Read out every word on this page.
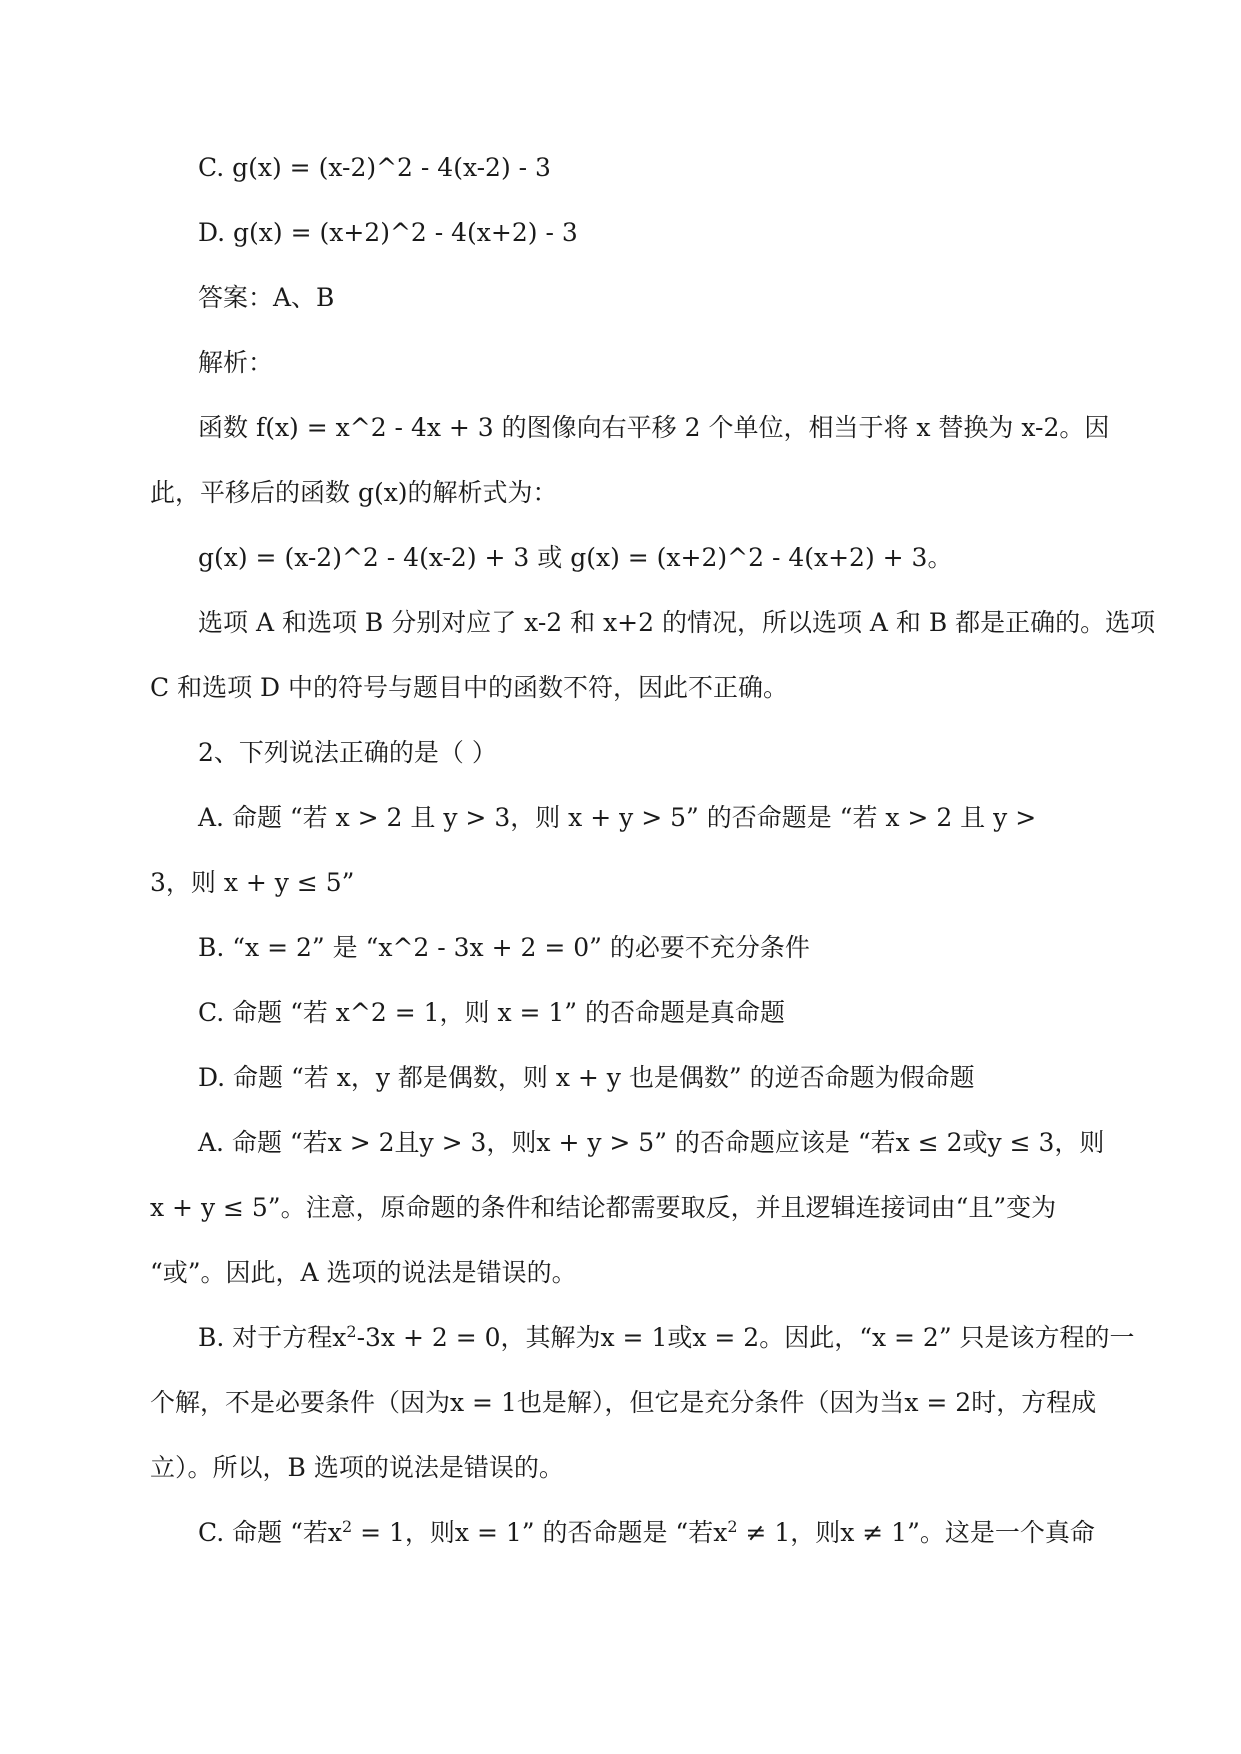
C. g(x) = (x-2)^2 - 4(x-2) - 3
D. g(x) = (x+2)^2 - 4(x+2) - 3
答案：A、B
解析：
函数 f(x) = x^2 - 4x + 3 的图像向右平移 2 个单位，相当于将 x 替换为 x-2。因
此，平移后的函数 g(x)的解析式为：
g(x) = (x-2)^2 - 4(x-2) + 3 或 g(x) = (x+2)^2 - 4(x+2) + 3。
选项 A 和选项 B 分别对应了 x-2 和 x+2 的情况，所以选项 A 和 B 都是正确的。选项
C 和选项 D 中的符号与题目中的函数不符，因此不正确。
2、下列说法正确的是（ ）
A. 命题 “若 x > 2 且 y > 3，则 x + y > 5” 的否命题是 “若 x > 2 且 y >
3，则 x + y ≤ 5”
B. “x = 2” 是 “x^2 - 3x + 2 = 0” 的必要不充分条件
C. 命题 “若 x^2 = 1，则 x = 1” 的否命题是真命题
D. 命题 “若 x，y 都是偶数，则 x + y 也是偶数” 的逆否命题为假命题
A. 命题 “若x > 2且y > 3，则x + y > 5” 的否命题应该是 “若x ≤ 2或y ≤ 3，则
x + y ≤ 5”。注意，原命题的条件和结论都需要取反，并且逻辑连接词由“且”变为
“或”。因此，A 选项的说法是错误的。
B. 对于方程$x^2-3x + 2 = 0$，其解为x = 1或x = 2。因此，“x = 2” 只是该方程的一
个解，不是必要条件（因为x = 1也是解），但它是充分条件（因为当x = 2时，方程成
立）。所以，B 选项的说法是错误的。
C. 命题 “若$x^2 = 1$，则x = 1” 的否命题是 “若$x^2 \ne 1$，则x ≠ 1”。这是一个真命
